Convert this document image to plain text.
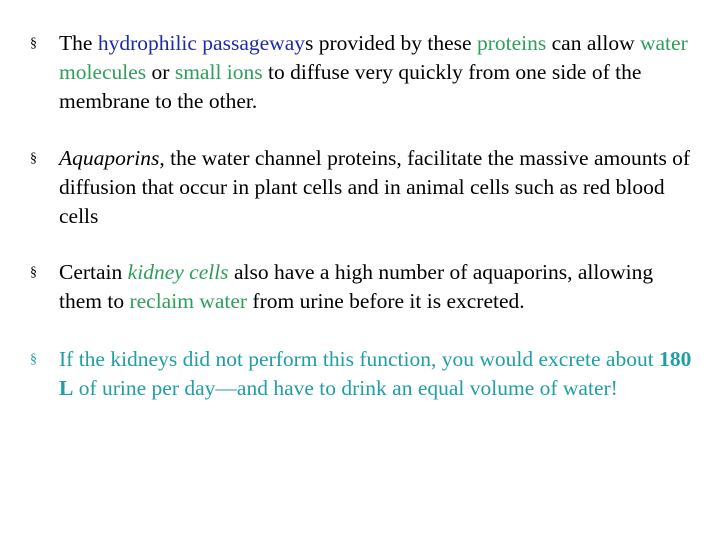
§ The hydrophilic passageways provided by these proteins can allow water molecules or small ions to diffuse very quickly from one side of the membrane to the other.
§ Aquaporins, the water channel proteins, facilitate the massive amounts of diffusion that occur in plant cells and in animal cells such as red blood cells
§ Certain kidney cells also have a high number of aquaporins, allowing them to reclaim water from urine before it is excreted.
§ If the kidneys did not perform this function, you would excrete about 180 L of urine per day—and have to drink an equal volume of water!
